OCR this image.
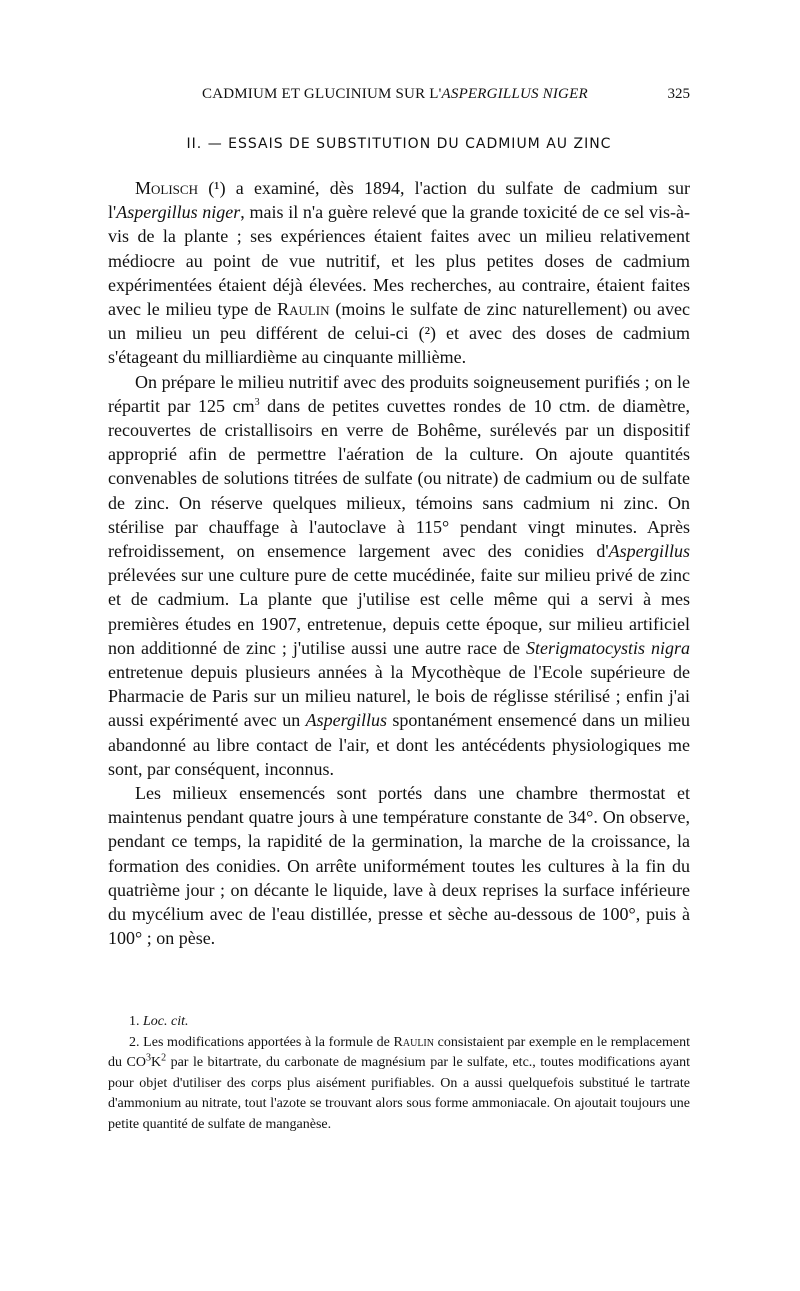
CADMIUM ET GLUCINIUM SUR L'ASPERGILLUS NIGER	325
II. — ESSAIS DE SUBSTITUTION DU CADMIUM AU ZINC

Molisch (¹) a examiné, dès 1894, l'action du sulfate de cadmium sur l'Aspergillus niger, mais il n'a guère relevé que la grande toxicité de ce sel vis-à-vis de la plante ; ses expériences étaient faites avec un milieu relativement médiocre au point de vue nutritif, et les plus petites doses de cadmium expérimentées étaient déjà élevées. Mes recherches, au contraire, étaient faites avec le milieu type de Raulin (moins le sulfate de zinc naturellement) ou avec un milieu un peu différent de celui-ci (²) et avec des doses de cadmium s'étageant du milliardième au cinquante millième.

On prépare le milieu nutritif avec des produits soigneusement purifiés ; on le répartit par 125 $cm^3$ dans de petites cuvettes rondes de 10 ctm. de diamètre, recouvertes de cristallisoirs en verre de Bohême, surélevés par un dispositif approprié afin de permettre l'aération de la culture. On ajoute quantités convenables de solutions titrées de sulfate (ou nitrate) de cadmium ou de sulfate de zinc. On réserve quelques milieux, témoins sans cadmium ni zinc. On stérilise par chauffage à l'autoclave à 115° pendant vingt minutes. Après refroidissement, on ensemence largement avec des conidies d'Aspergillus prélevées sur une culture pure de cette mucédinée, faite sur milieu privé de zinc et de cadmium. La plante que j'utilise est celle même qui a servi à mes premières études en 1907, entretenue, depuis cette époque, sur milieu artificiel non additionné de zinc ; j'utilise aussi une autre race de Sterigmatocystis nigra entretenue depuis plusieurs années à la Mycothèque de l'Ecole supérieure de Pharmacie de Paris sur un milieu naturel, le bois de réglisse stérilisé ; enfin j'ai aussi expérimenté avec un Aspergillus spontanément ensemencé dans un milieu abandonné au libre contact de l'air, et dont les antécédents physiologiques me sont, par conséquent, inconnus.

Les milieux ensemencés sont portés dans une chambre thermostat et maintenus pendant quatre jours à une température constante de 34°. On observe, pendant ce temps, la rapidité de la germination, la marche de la croissance, la formation des conidies. On arrête uniformément toutes les cultures à la fin du quatrième jour ; on décante le liquide, lave à deux reprises la surface inférieure du mycélium avec de l'eau distillée, presse et sèche au-dessous de 100°, puis à 100° ; on pèse.

1. Loc. cit.

2. Les modifications apportées à la formule de Raulin consistaient par exemple en le remplacement du $CO^3K^2$ par le bitartrate, du carbonate de magnésium par le sulfate, etc., toutes modifications ayant pour objet d'utiliser des corps plus aisément purifiables. On a aussi quelquefois substitué le tartrate d'ammonium au nitrate, tout l'azote se trouvant alors sous forme ammoniacale. On ajoutait toujours une petite quantité de sulfate de manganèse.
